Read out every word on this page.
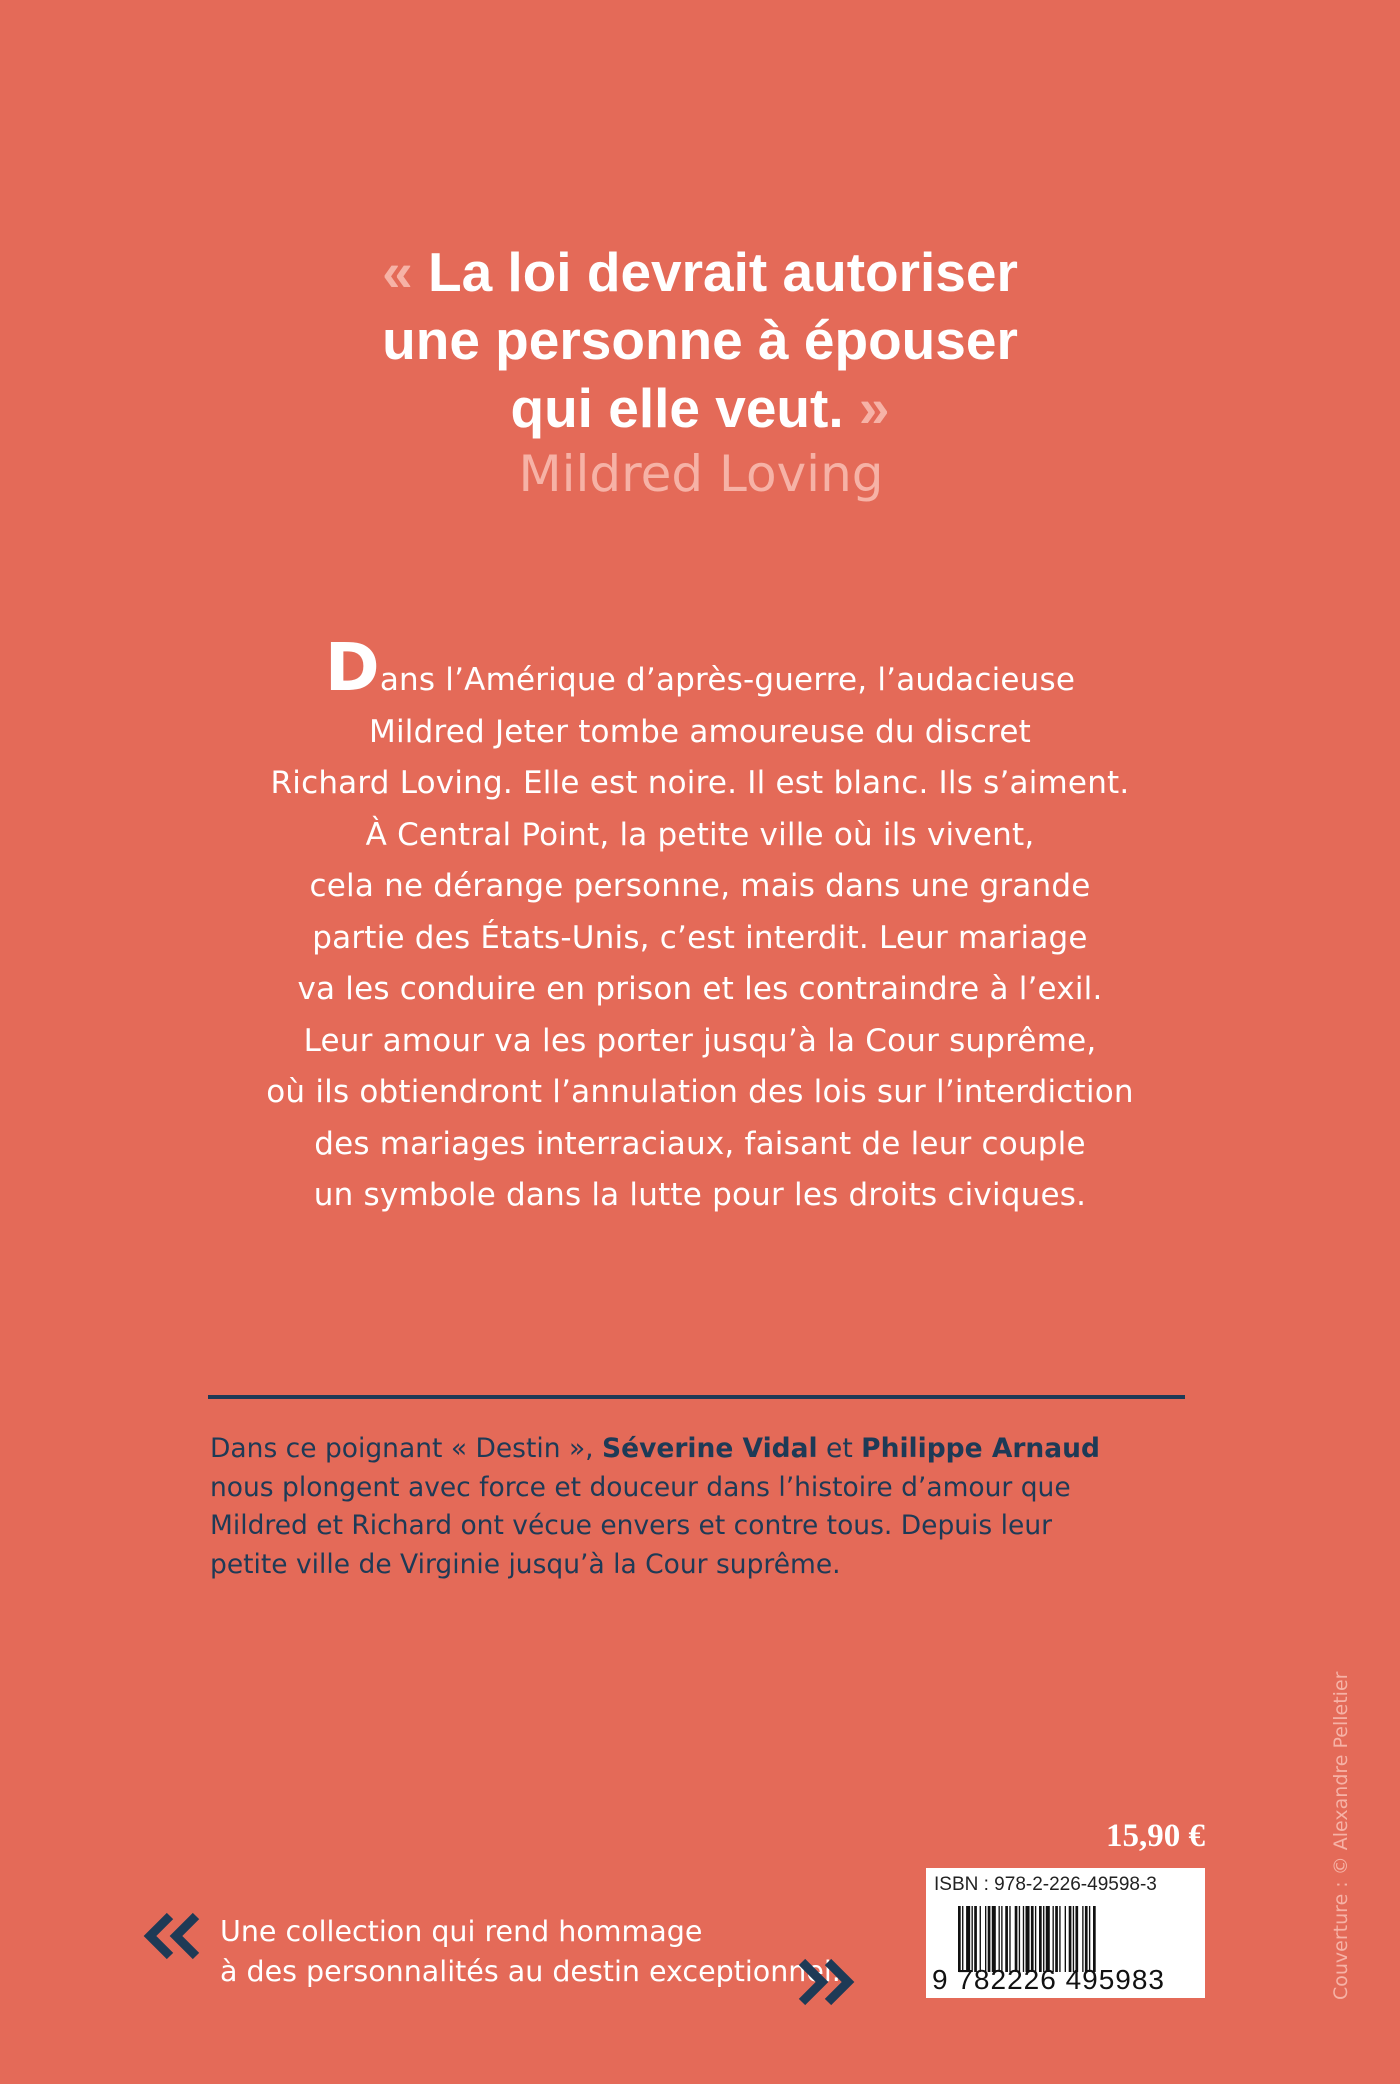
« La loi devrait autoriser
une personne à épouser
qui elle veut. »
Mildred Loving
Dans l’Amérique d’après-guerre, l’audacieuse
Mildred Jeter tombe amoureuse du discret
Richard Loving. Elle est noire. Il est blanc. Ils s’aiment.
À Central Point, la petite ville où ils vivent,
cela ne dérange personne, mais dans une grande
partie des États-Unis, c’est interdit. Leur mariage
va les conduire en prison et les contraindre à l’exil.
Leur amour va les porter jusqu’à la Cour suprême,
où ils obtiendront l’annulation des lois sur l’interdiction
des mariages interraciaux, faisant de leur couple
un symbole dans la lutte pour les droits civiques.
Dans ce poignant « Destin », Séverine Vidal et Philippe Arnaud
nous plongent avec force et douceur dans l’histoire d’amour que
Mildred et Richard ont vécue envers et contre tous. Depuis leur
petite ville de Virginie jusqu’à la Cour suprême.
15,90 €
ISBN : 978-2-226-49598-3
9 782226 495983
Une collection qui rend hommage
à des personnalités au destin exceptionnel.	Couverture : © Alexandre Pelletier
